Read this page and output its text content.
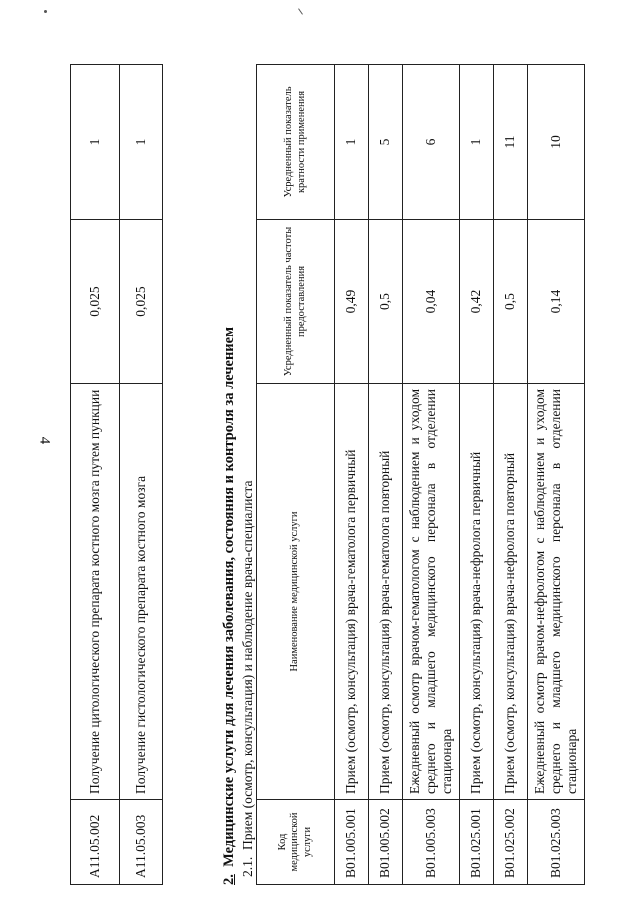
4
А11.05.002	Получение цитологического препарата костного мозга путем пункции	0,025	1
А11.05.003	Получение гистологического препарата костного мозга	0,025	1
2.  Медицинские услуги для лечения заболевания, состояния и контроля за лечением 2.1.  Прием (осмотр, консультация) и наблюдение врача-специалиста Код медицинской услуги	Наименование медицинской услуги	Усредненный показатель частоты предоставления	Усредненный показатель кратности применения
В01.005.001	Прием (осмотр, консультация) врача-гематолога первичный	0,49	1
В01.005.002	Прием (осмотр, консультация) врача-гематолога повторный	0,5	5
В01.005.003	Ежедневный осмотр врачом-гематологом с наблюдением и уходом среднего и младшего медицинского персонала в отделении стационара	0,04	6
В01.025.001	Прием (осмотр, консультация) врача-нефролога первичный	0,42	1
В01.025.002	Прием (осмотр, консультация) врача-нефролога повторный	0,5	11
В01.025.003	Ежедневный осмотр врачом-нефрологом с наблюдением и уходом среднего и младшего медицинского персонала в отделении стационара	0,14	10
